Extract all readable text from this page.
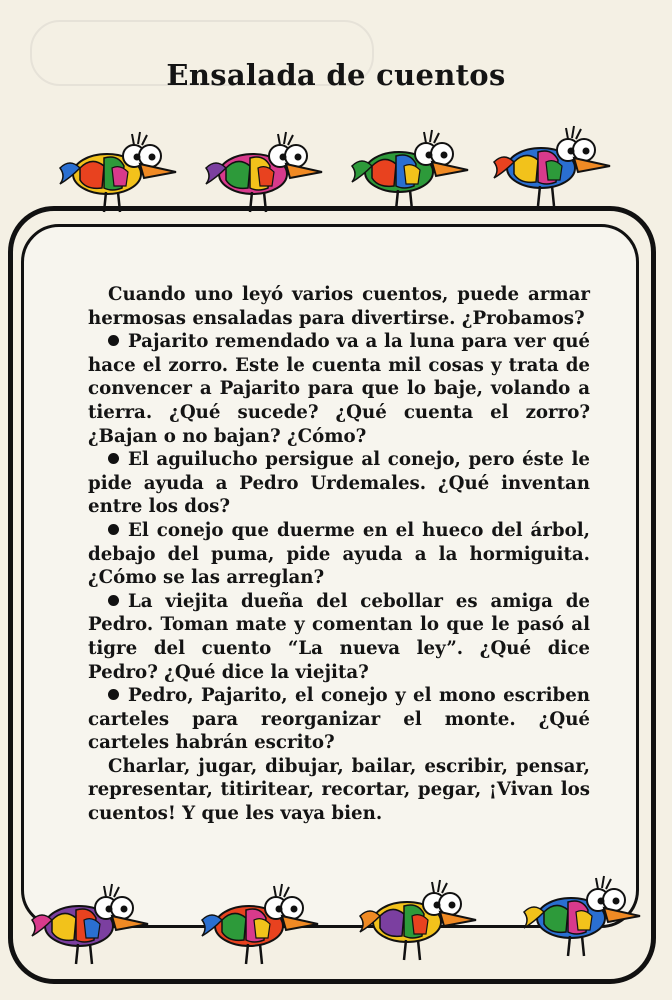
Ensalada de cuentos

Cuando uno leyó varios cuentos, puede armar hermosas ensaladas para divertirse. ¿Probamos?

Pajarito remendado va a la luna para ver qué hace el zorro. Este le cuenta mil cosas y trata de convencer a Pajarito para que lo baje, volando a tierra. ¿Qué sucede? ¿Qué cuenta el zorro? ¿Bajan o no bajan? ¿Cómo?

El aguilucho persigue al conejo, pero éste le pide ayuda a Pedro Urdemales. ¿Qué inventan entre los dos?

El conejo que duerme en el hueco del árbol, debajo del puma, pide ayuda a la hormiguita. ¿Cómo se las arreglan?

La viejita dueña del cebollar es amiga de Pedro. Toman mate y comentan lo que le pasó al tigre del cuento “La nueva ley”. ¿Qué dice Pedro? ¿Qué dice la viejita?

Pedro, Pajarito, el conejo y el mono escriben carteles para reorganizar el monte. ¿Qué carteles habrán escrito?

Charlar, jugar, dibujar, bailar, escribir, pensar, representar, titiritear, recortar, pegar, ¡Vivan los cuentos! Y que les vaya bien.
